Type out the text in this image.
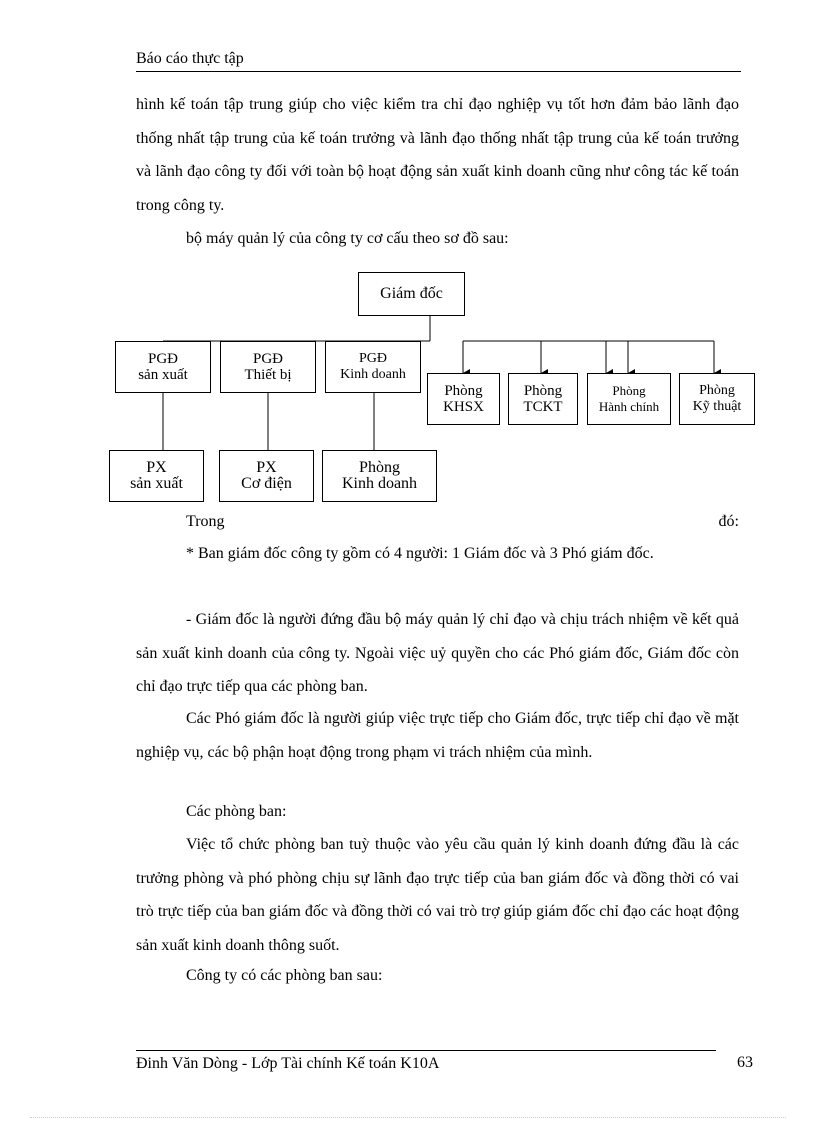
Báo cáo thực tập

hình kế toán tập trung giúp cho việc kiểm tra chỉ đạo nghiệp vụ tốt hơn đảm bảo lãnh đạo thống nhất tập trung của kế toán trưởng và lãnh đạo thống nhất tập trung của kế toán trưởng và lãnh đạo công ty đối với toàn bộ hoạt động sản xuất kinh doanh cũng như công tác kế toán trong công ty.

bộ máy quản lý của công ty cơ cấu theo sơ đồ sau:

Giám đốc
PGĐ
sản xuất
PGĐ
Thiết bị
PGĐ
Kinh doanh
Phòng
KHSX
Phòng
TCKT
Phòng
Hành chính
Phòng
Kỹ thuật
PX
sản xuất
PX
Cơ điện
Phòng
Kinh doanh
Trong	đó:

* Ban giám đốc công ty gồm có 4 người: 1 Giám đốc và 3 Phó giám đốc.

- Giám đốc là người đứng đầu bộ máy quản lý chỉ đạo và chịu trách nhiệm về kết quả sản xuất kinh doanh của công ty. Ngoài việc uỷ quyền cho các Phó giám đốc, Giám đốc còn chỉ đạo trực tiếp qua các phòng ban.

Các Phó giám đốc là người giúp việc trực tiếp cho Giám đốc, trực tiếp chỉ đạo về mặt nghiệp vụ, các bộ phận hoạt động trong phạm vi trách nhiệm của mình.

Các phòng ban:

Việc tổ chức phòng ban tuỳ thuộc vào yêu cầu quản lý kinh doanh đứng đầu là các trưởng phòng và phó phòng chịu sự lãnh đạo trực tiếp của ban giám đốc và đồng thời có vai trò trực tiếp của ban giám đốc và đồng thời có vai trò trợ giúp giám đốc chỉ đạo các hoạt động sản xuất kinh doanh thông suốt.

Công ty có các phòng ban sau:

Đinh Văn Dòng - Lớp Tài chính Kế toán K10A	63
